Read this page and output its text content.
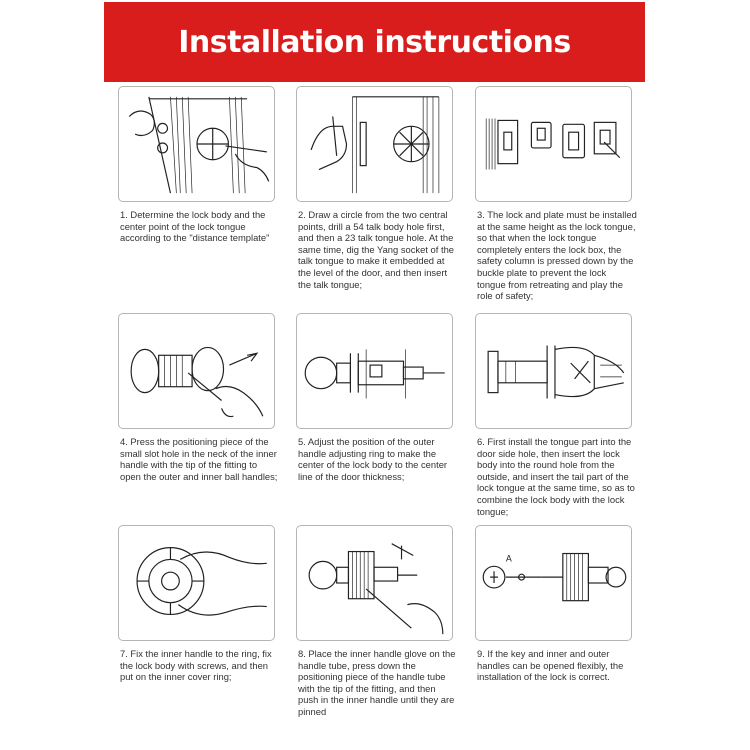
Installation instructions

1. Determine the lock body and the center point of the lock tongue according to the "distance template"

2. Draw a circle from the two central points, drill a 54 talk body hole first, and then a 23 talk tongue hole. At the same time, dig the Yang socket of the talk tongue to make it embedded at the level of the door, and then insert the talk tongue;

3. The lock and plate must be installed at the same height as the lock tongue, so that when the lock tongue completely enters the lock box, the safety column is pressed down by the buckle plate to prevent the lock tongue from retreating and play the role of safety;

4. Press the positioning piece of the small slot hole in the neck of the inner handle with the tip of the fitting to open the outer and inner ball handles;

5. Adjust the position of the outer handle adjusting ring to make the center of the lock body to the center line of the door thickness;

6. First install the tongue part into the door side hole, then insert the lock body into the round hole from the outside, and insert the tail part of the lock tongue at the same time, so as to combine the lock body with the lock tongue;

7. Fix the inner handle to the ring, fix the lock body with screws, and then put on the inner cover ring;

8. Place the inner handle glove on the handle tube, press down the positioning piece of the handle tube with the tip of the fitting, and then push in the inner handle until they are pinned

A

9. If the key and inner and outer handles can be opened flexibly, the installation of the lock is correct.
